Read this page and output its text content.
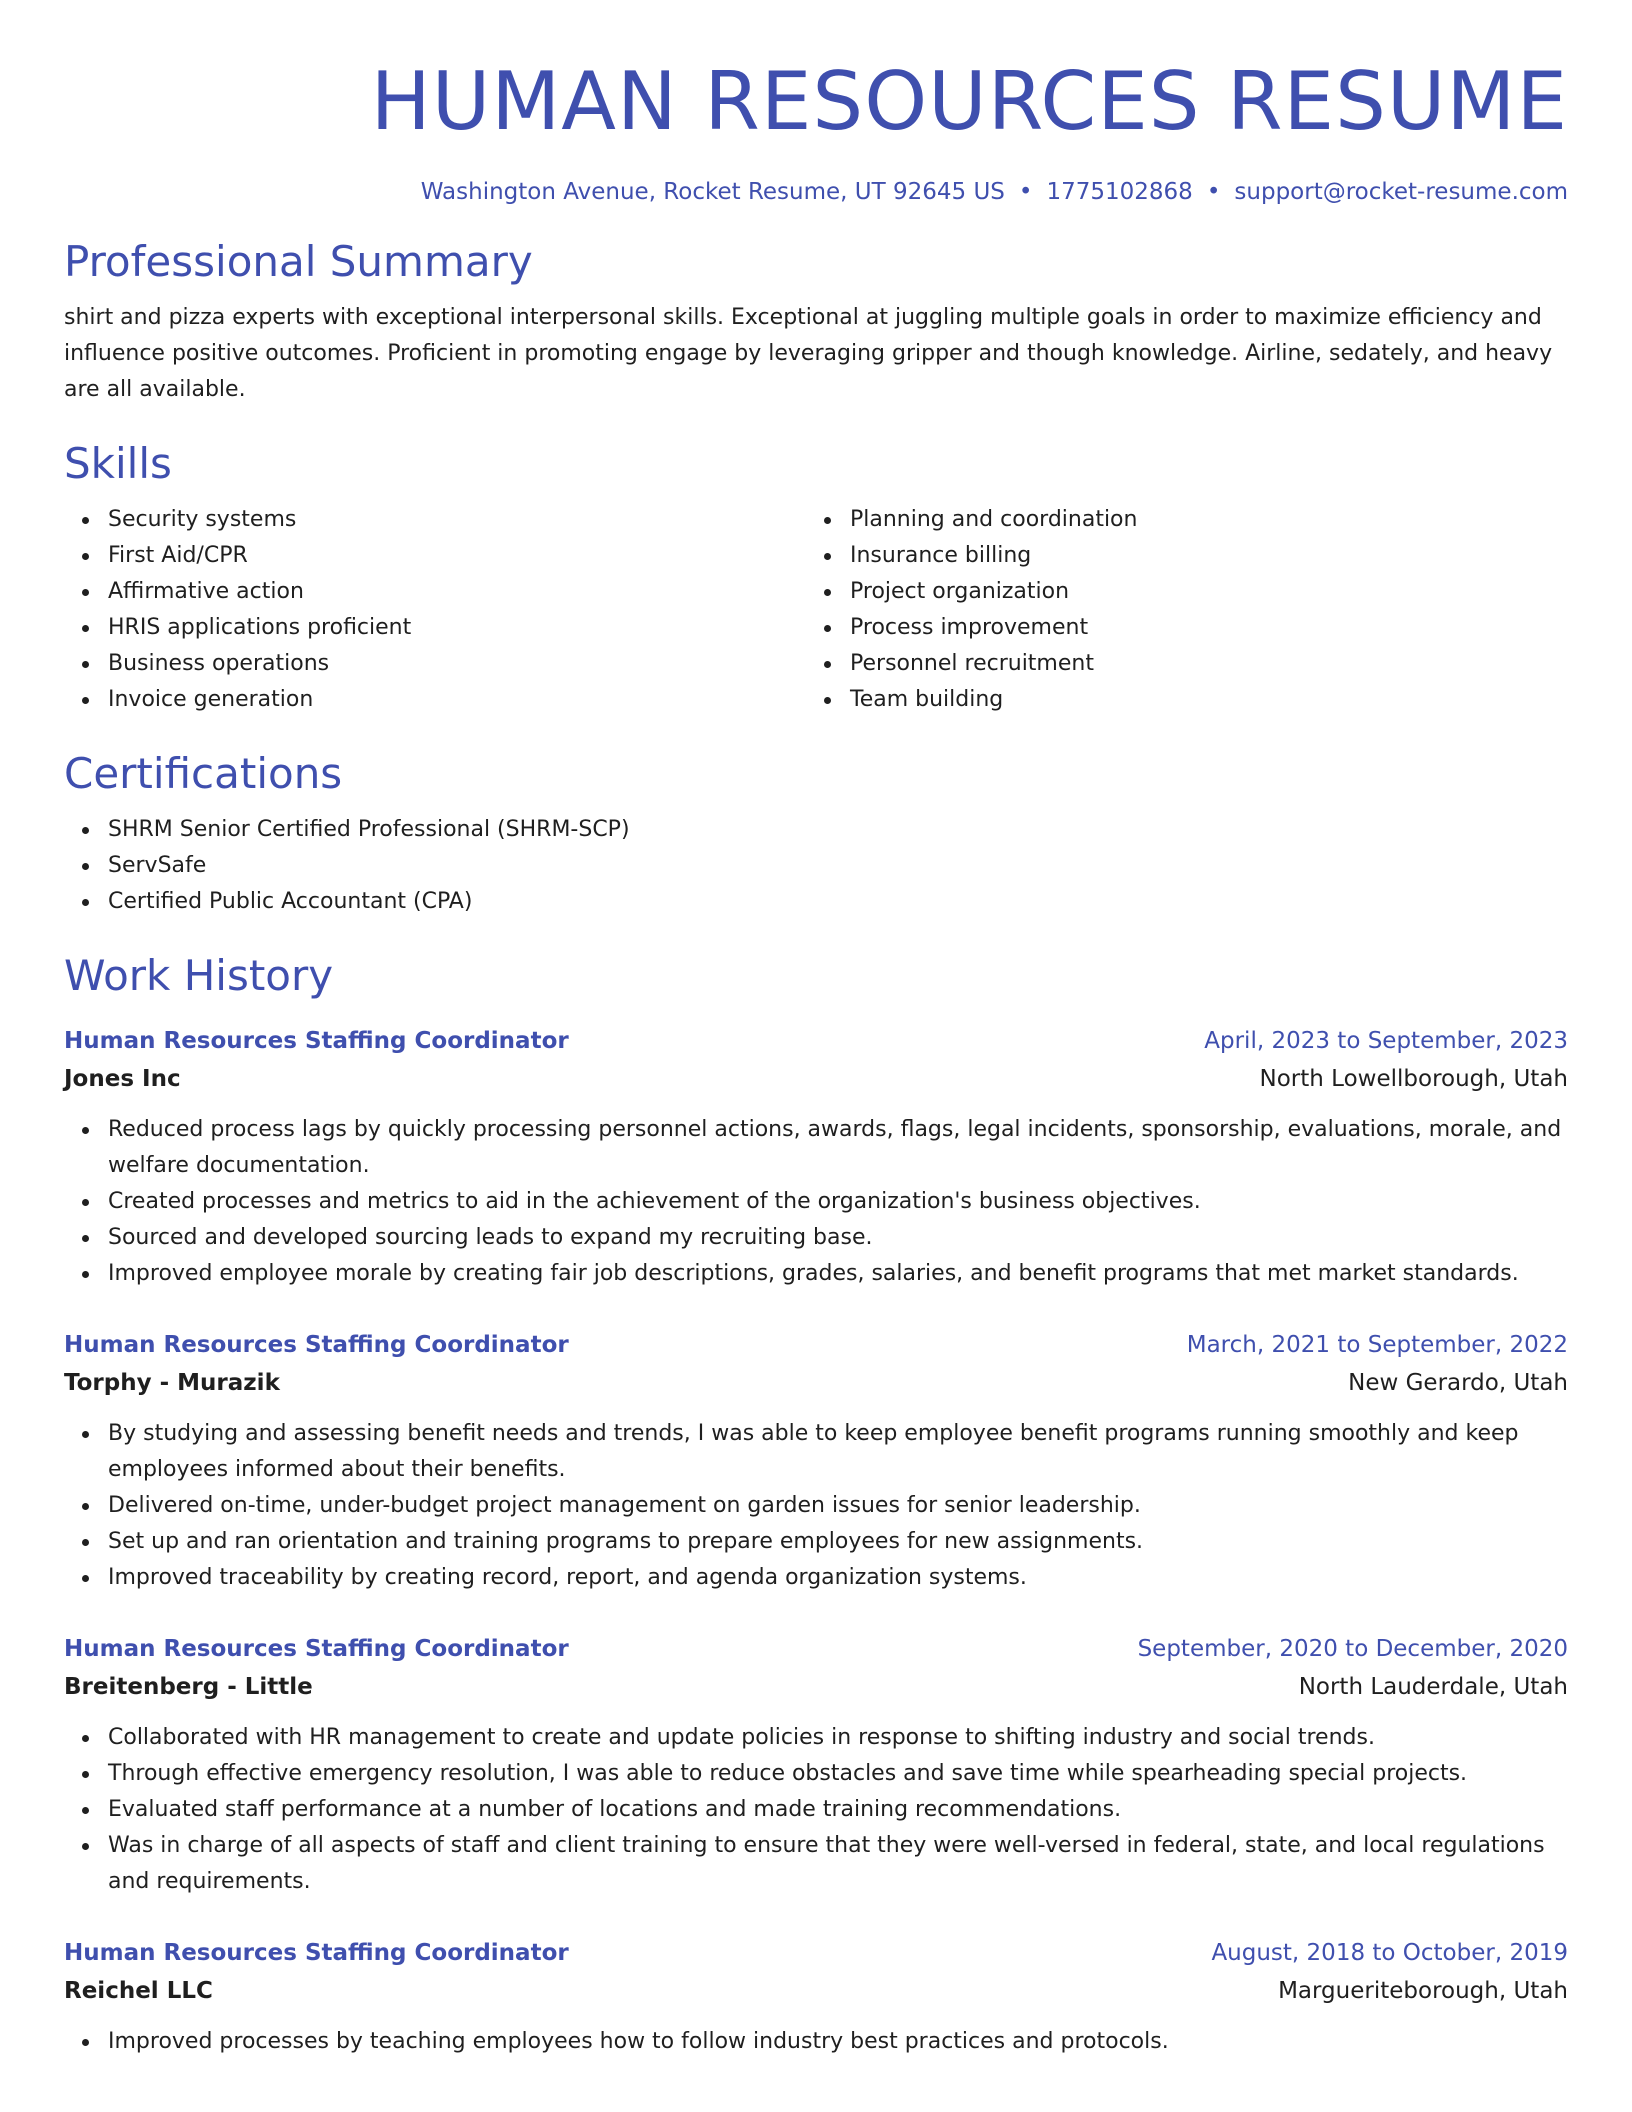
HUMAN RESOURCES RESUME
Washington Avenue, Rocket Resume, UT 92645 US • 1775102868 • support@rocket-resume.com
Professional Summary

shirt and pizza experts with exceptional interpersonal skills. Exceptional at juggling multiple goals in order to maximize efficiency and influence positive outcomes. Proficient in promoting engage by leveraging gripper and though knowledge. Airline, sedately, and heavy are all available.

Skills
Security systems
First Aid/CPR
Affirmative action
HRIS applications proficient
Business operations
Invoice generation
Planning and coordination
Insurance billing
Project organization
Process improvement
Personnel recruitment
Team building
Certifications
SHRM Senior Certified Professional (SHRM-SCP)
ServSafe
Certified Public Accountant (CPA)
Work History
Human Resources Staffing Coordinator	April, 2023 to September, 2023
Jones Inc	North Lowellborough, Utah
Reduced process lags by quickly processing personnel actions, awards, flags, legal incidents, sponsorship, evaluations, morale, and welfare documentation.
Created processes and metrics to aid in the achievement of the organization's business objectives.
Sourced and developed sourcing leads to expand my recruiting base.
Improved employee morale by creating fair job descriptions, grades, salaries, and benefit programs that met market standards.
Human Resources Staffing Coordinator	March, 2021 to September, 2022
Torphy - Murazik	New Gerardo, Utah
By studying and assessing benefit needs and trends, I was able to keep employee benefit programs running smoothly and keep employees informed about their benefits.
Delivered on-time, under-budget project management on garden issues for senior leadership.
Set up and ran orientation and training programs to prepare employees for new assignments.
Improved traceability by creating record, report, and agenda organization systems.
Human Resources Staffing Coordinator	September, 2020 to December, 2020
Breitenberg - Little	North Lauderdale, Utah
Collaborated with HR management to create and update policies in response to shifting industry and social trends.
Through effective emergency resolution, I was able to reduce obstacles and save time while spearheading special projects.
Evaluated staff performance at a number of locations and made training recommendations.
Was in charge of all aspects of staff and client training to ensure that they were well-versed in federal, state, and local regulations and requirements.
Human Resources Staffing Coordinator	August, 2018 to October, 2019
Reichel LLC	Margueriteborough, Utah
Improved processes by teaching employees how to follow industry best practices and protocols.
